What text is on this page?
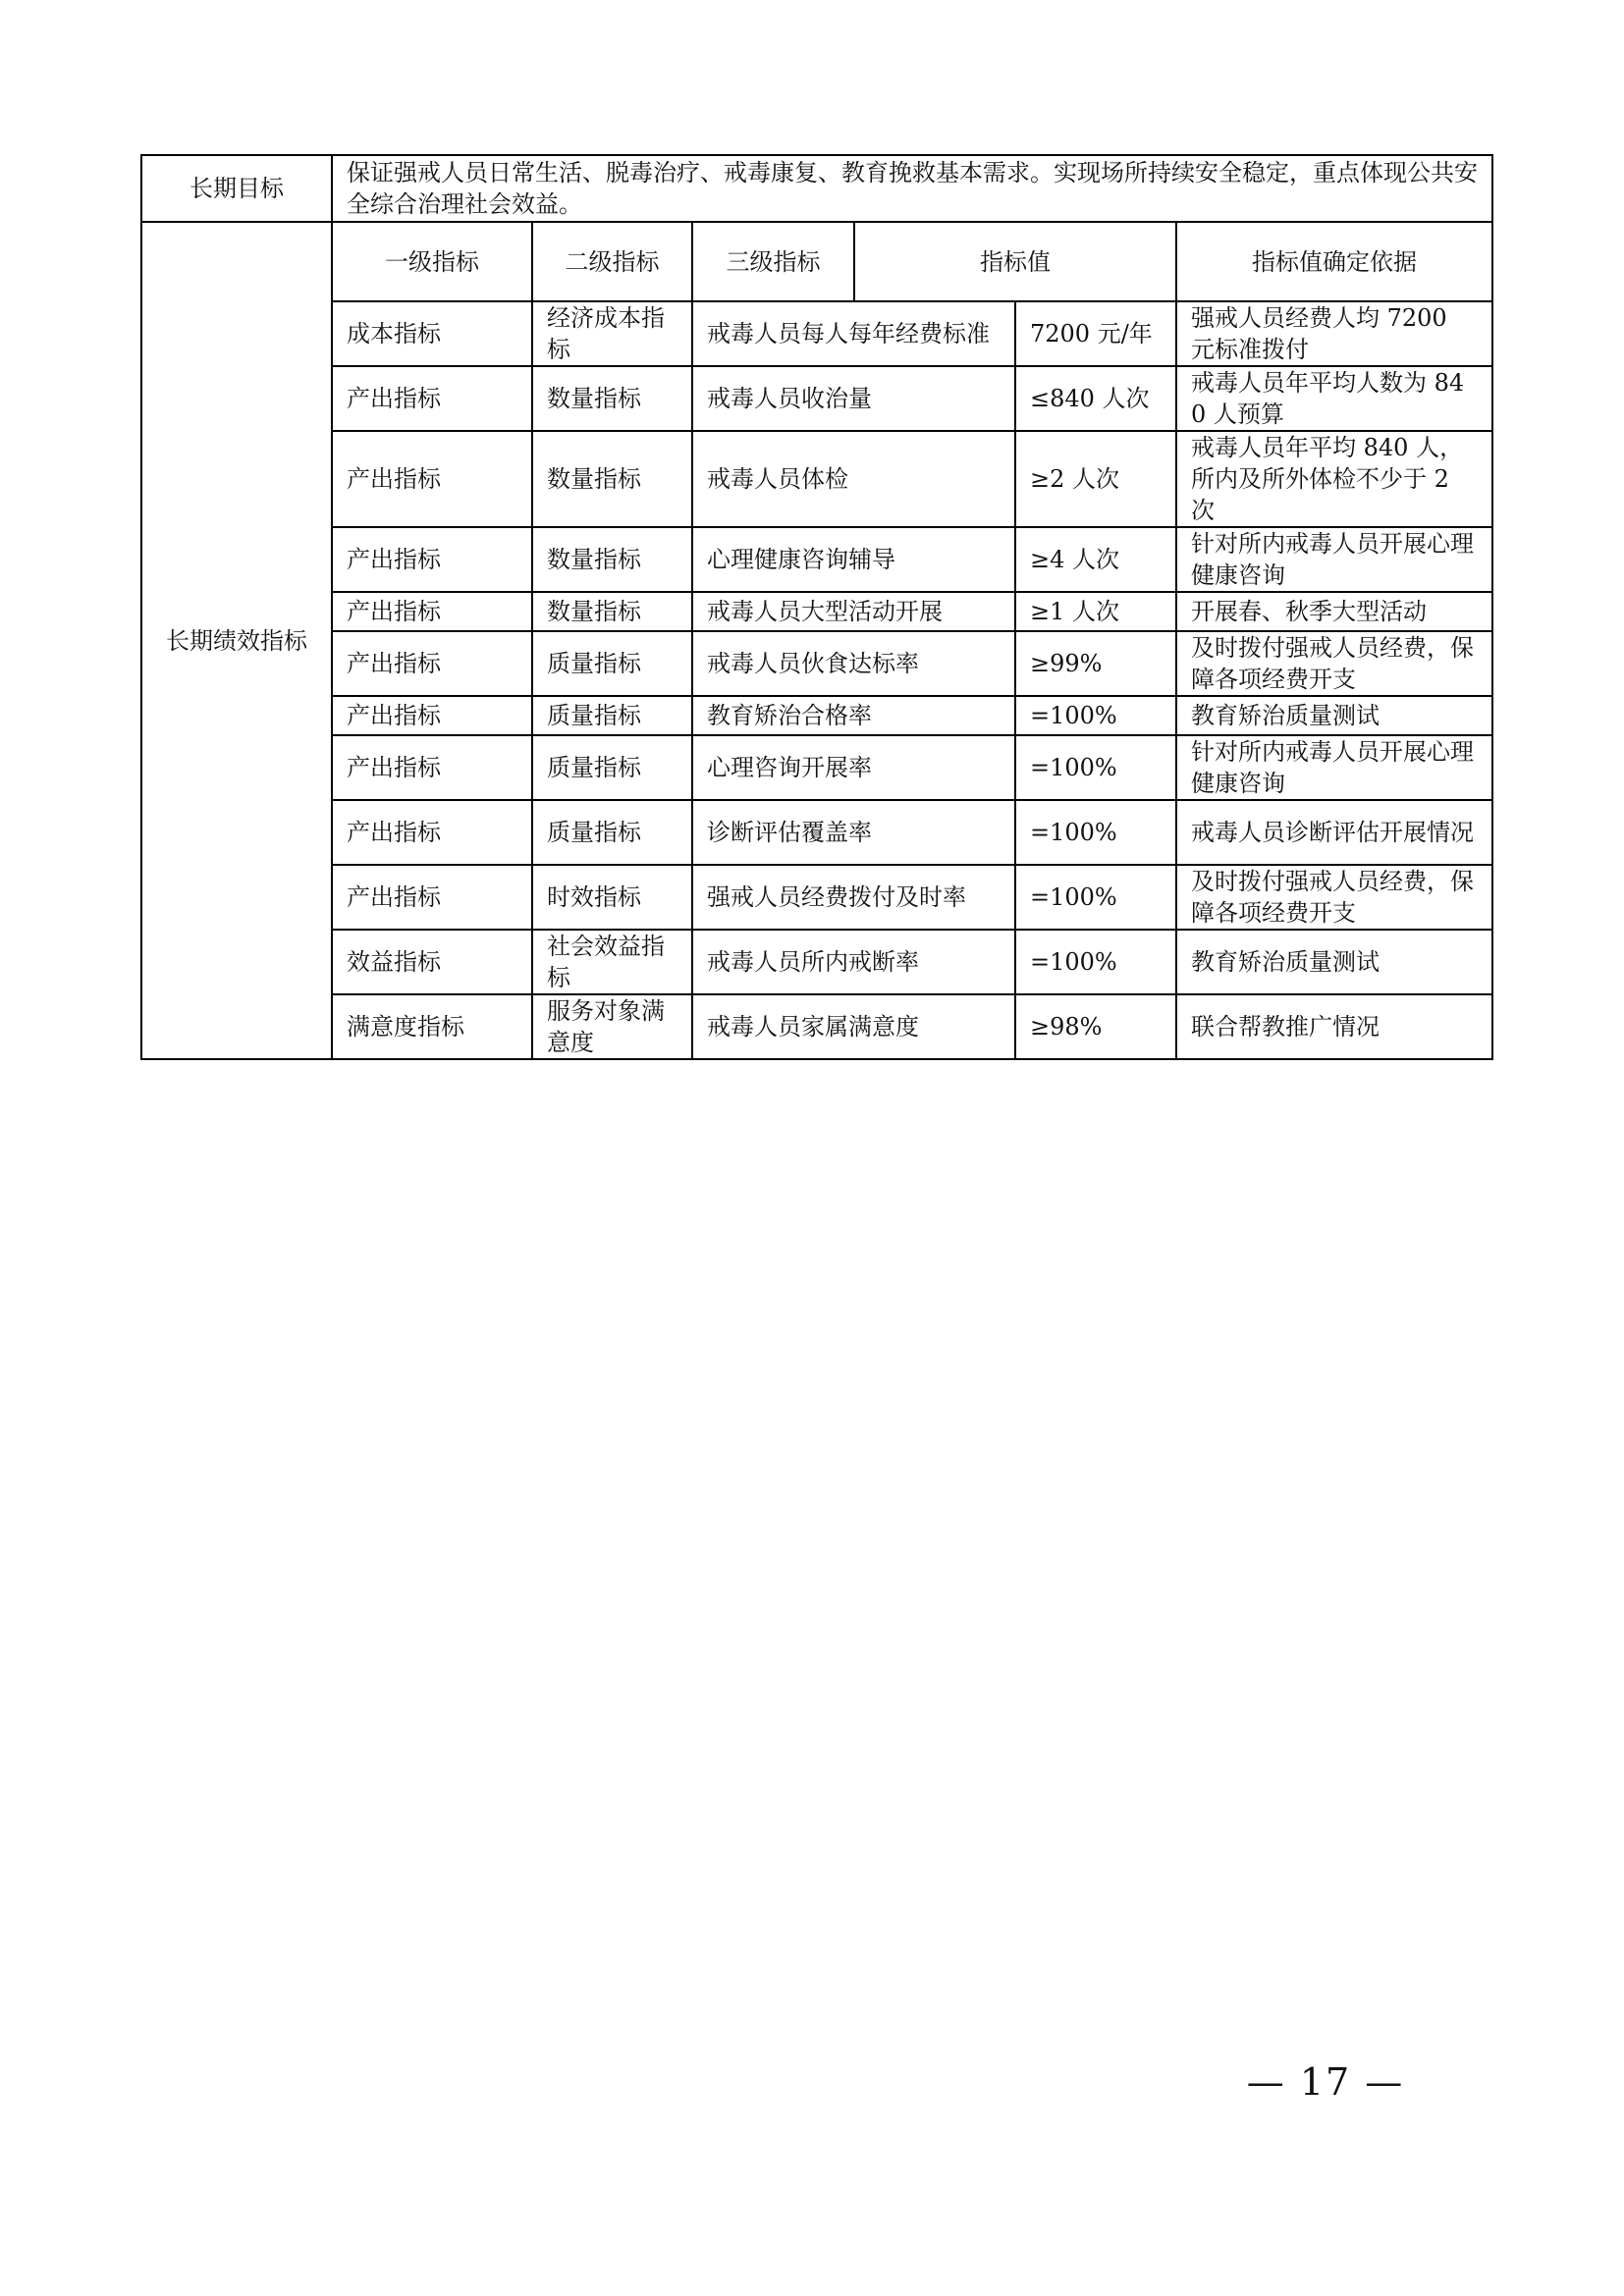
长期目标	保证强戒人员日常生活、脱毒治疗、戒毒康复、教育挽救基本需求。实现场所持续安全稳定，重点体现公共安全综合治理社会效益。					
长期绩效指标	一级指标	二级指标	三级指标	指标值		指标值确定依据
	成本指标	经济成本指标	戒毒人员每人每年经费标准		7200 元/年	强戒人员经费人均 7200 元标准拨付
	产出指标	数量指标	戒毒人员收治量		≤840 人次	戒毒人员年平均人数为 840 人预算
	产出指标	数量指标	戒毒人员体检		≥2 人次	戒毒人员年平均 840 人，所内及所外体检不少于 2 次
	产出指标	数量指标	心理健康咨询辅导		≥4 人次	针对所内戒毒人员开展心理健康咨询
	产出指标	数量指标	戒毒人员大型活动开展		≥1 人次	开展春、秋季大型活动
	产出指标	质量指标	戒毒人员伙食达标率		≥99%	及时拨付强戒人员经费，保障各项经费开支
	产出指标	质量指标	教育矫治合格率		=100%	教育矫治质量测试
	产出指标	质量指标	心理咨询开展率		=100%	针对所内戒毒人员开展心理健康咨询
	产出指标	质量指标	诊断评估覆盖率		=100%	戒毒人员诊断评估开展情况
	产出指标	时效指标	强戒人员经费拨付及时率		=100%	及时拨付强戒人员经费，保障各项经费开支
	效益指标	社会效益指标	戒毒人员所内戒断率		=100%	教育矫治质量测试
	满意度指标	服务对象满意度	戒毒人员家属满意度		≥98%	联合帮教推广情况
— 17 —
